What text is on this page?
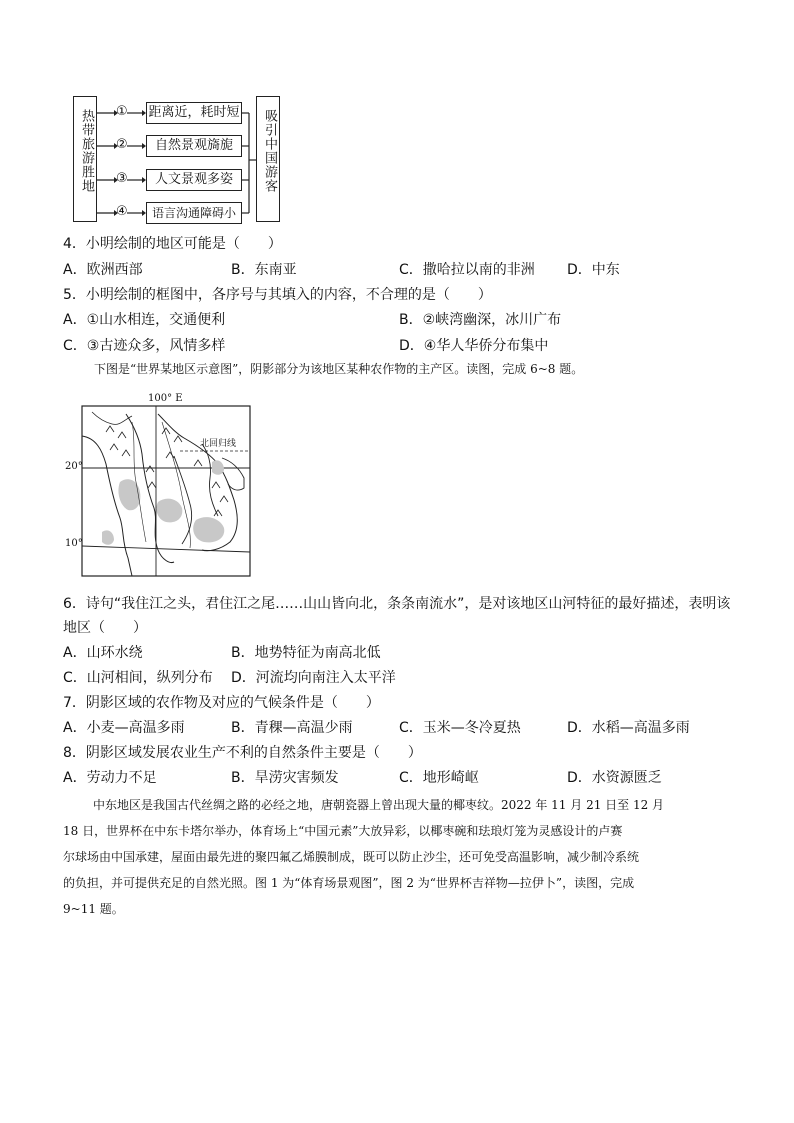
热带旅游胜地	吸引中国游客
①
②
③
④
距离近，耗时短
自然景观旖旎
人文景观多姿
语言沟通障碍小
4．小明绘制的地区可能是（　　）
A．欧洲西部	B．东南亚	C．撒哈拉以南的非洲 D．中东
5．小明绘制的框图中，各序号与其填入的内容，不合理的是（　　）
A．①山水相连，交通便利	B．②峡湾幽深，冰川广布
C．③古迹众多，风情多样	D．④华人华侨分布集中
下图是“世界某地区示意图”，阴影部分为该地区某种农作物的主产区。读图，完成 6~8 题。
100° E
北回归线
20°
10°
6．诗句“我住江之头，君住江之尾……山山皆向北，条条南流水”，是对该地区山河特征的最好描述，表明该
地区（　　）
A．山环水绕	B．地势特征为南高北低
C．山河相间，纵列分布 D．河流均向南注入太平洋
7．阴影区域的农作物及对应的气候条件是（　　）
A．小麦—高温多雨	B．青稞—高温少雨	C．玉米—冬冷夏热	D．水稻—高温多雨
8．阴影区域发展农业生产不利的自然条件主要是（　　）
A．劳动力不足	B．旱涝灾害频发	C．地形崎岖	D．水资源匮乏
中东地区是我国古代丝绸之路的必经之地，唐朝瓷器上曾出现大量的椰枣纹。2022 年 11 月 21 日至 12 月
18 日，世界杯在中东卡塔尔举办，体育场上“中国元素”大放异彩，以椰枣碗和珐琅灯笼为灵感设计的卢赛
尔球场由中国承建，屋面由最先进的聚四氟乙烯膜制成，既可以防止沙尘，还可免受高温影响，减少制冷系统
的负担，并可提供充足的自然光照。图 1 为“体育场景观图”，图 2 为“世界杯吉祥物—拉伊卜”，读图，完成
9~11 题。
